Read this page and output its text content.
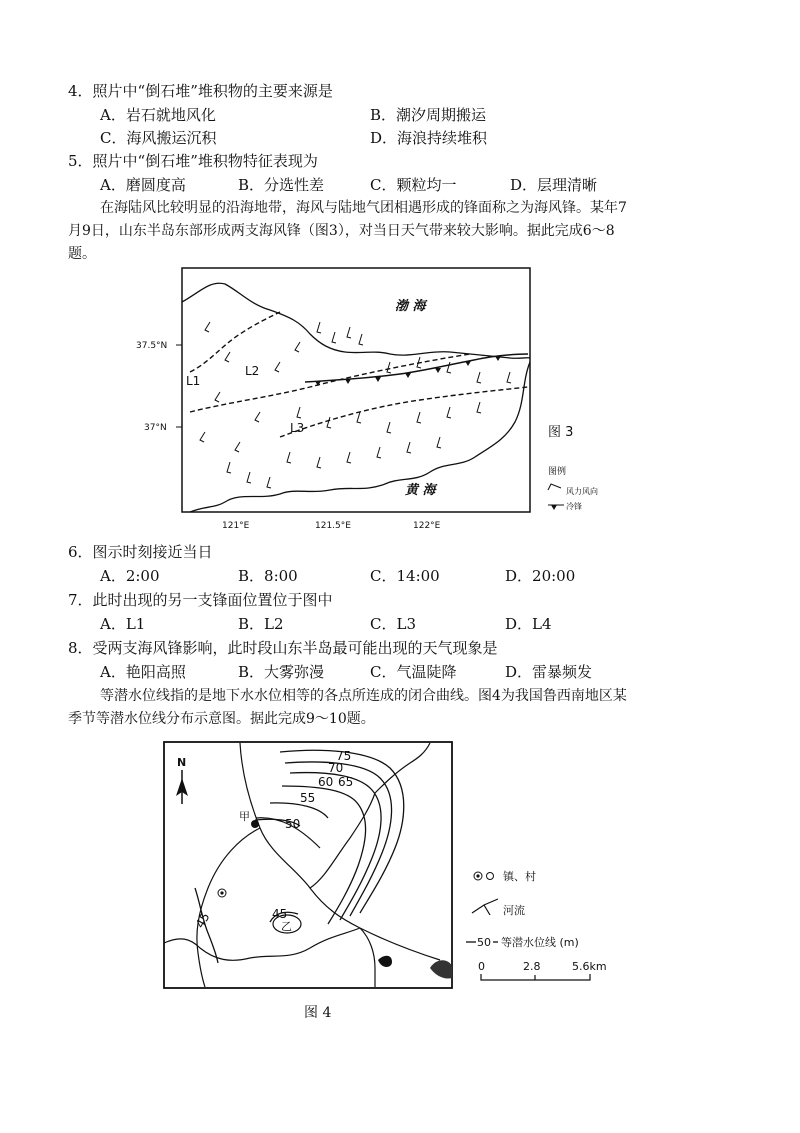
4．照片中“倒石堆”堆积物的主要来源是
A．岩石就地风化	B．潮汐周期搬运
C．海风搬运沉积	D．海浪持续堆积
5．照片中“倒石堆”堆积物特征表现为
A．磨圆度高	B．分选性差	C．颗粒均一	D．层理清晰
在海陆风比较明显的沿海地带，海风与陆地气团相遇形成的锋面称之为海风锋。某年7
月9日，山东半岛东部形成两支海风锋（图3），对当日天气带来较大影响。据此完成6～8
题。
渤 海
黄 海
37.5°N
37°N
121°E	121.5°E	122°E
L1
L2
L3	图 3
图例
风力风向
冷锋
6．图示时刻接近当日
A．2:00	B．8:00	C．14:00	D．20:00
7．此时出现的另一支锋面位置位于图中
A．L1	B．L2	C．L3	D．L4
8．受两支海风锋影响，此时段山东半岛最可能出现的天气现象是
A．艳阳高照	B．大雾弥漫	C．气温陡降	D．雷暴频发
等潜水位线指的是地下水水位相等的各点所连成的闭合曲线。图4为我国鲁西南地区某
季节等潜水位线分布示意图。据此完成9～10题。
N	75
70
65
60
55
50
45	45
甲
乙
镇、村
河流
50 等潜水位线 (m)
0	2.8	5.6km
图 4
